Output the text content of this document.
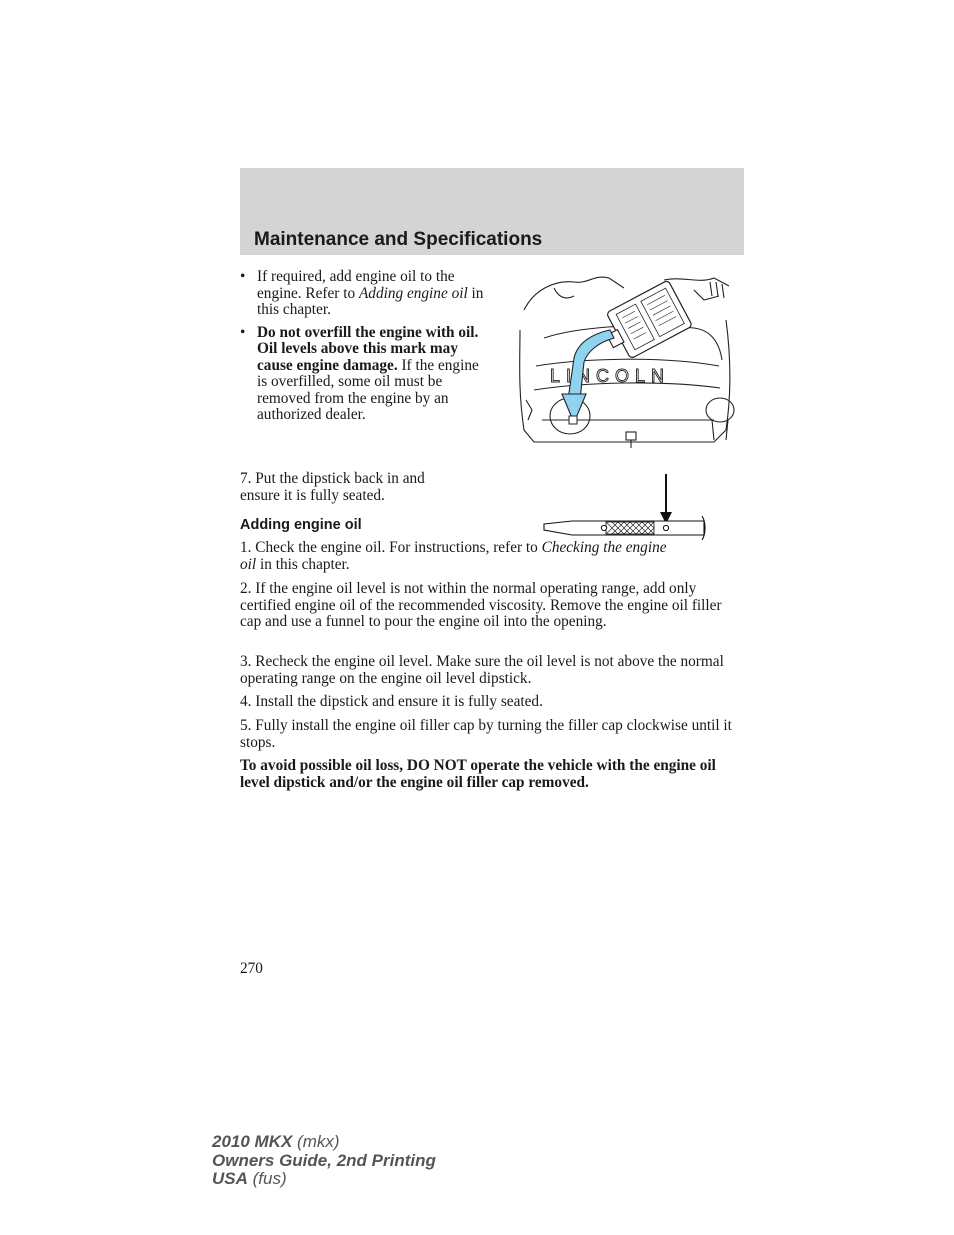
Maintenance and Specifications
• If required, add engine oil to the engine. Refer to Adding engine oil in this chapter.
• Do not overfill the engine with oil. Oil levels above this mark may cause engine damage. If the engine is overfilled, some oil must be removed from the engine by an authorized dealer.
LINCOLN
7. Put the dipstick back in and ensure it is fully seated.
Adding engine oil
1. Check the engine oil. For instructions, refer to Checking the engine oil in this chapter.
2. If the engine oil level is not within the normal operating range, add only certified engine oil of the recommended viscosity. Remove the engine oil filler cap and use a funnel to pour the engine oil into the opening.
3. Recheck the engine oil level. Make sure the oil level is not above the normal operating range on the engine oil level dipstick.
4. Install the dipstick and ensure it is fully seated.
5. Fully install the engine oil filler cap by turning the filler cap clockwise until it stops.
To avoid possible oil loss, DO NOT operate the vehicle with the engine oil level dipstick and/or the engine oil filler cap removed.
270
2010 MKX (mkx)
Owners Guide, 2nd Printing
USA (fus)
